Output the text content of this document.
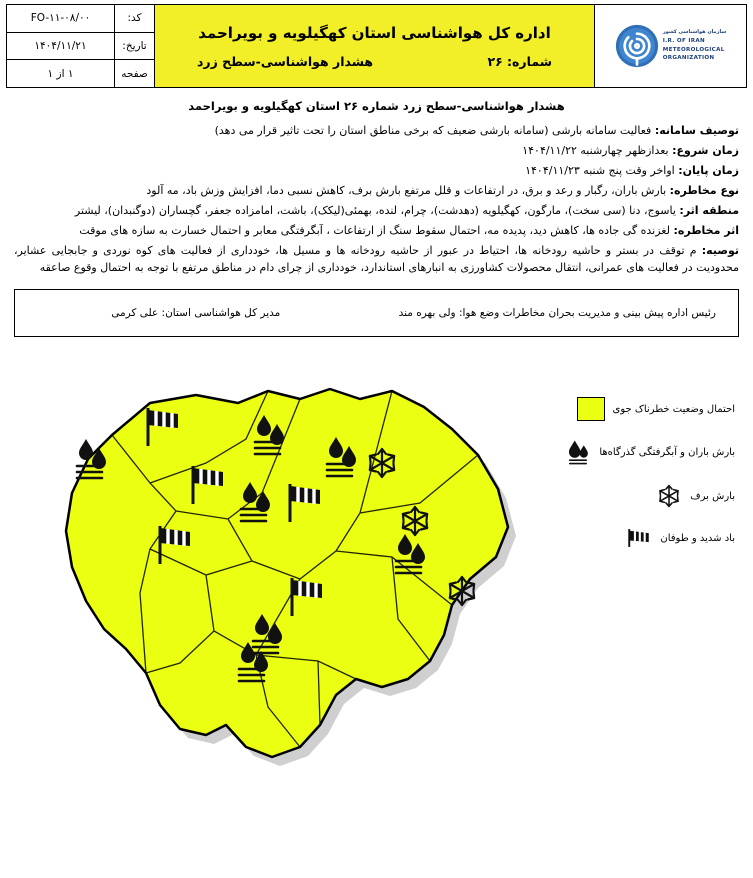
سازمان هواشناسی کشور
I.R. OF IRAN
METEOROLOGICAL
ORGANIZATION
اداره کل هواشناسی استان کهگیلویه و بویراحمد
شماره: ۲۶
هشدار هواشناسی-سطح زرد
کد:
FO-۱۱-۰۸/۰۰
تاریخ:
۱۴۰۴/۱۱/۲۱
صفحه
۱ از ۱
هشدار هواشناسی-سطح زرد شماره ۲۶ استان کهگیلویه و بویراحمد
توصیف سامانه: فعالیت سامانه بارشی (سامانه بارشی ضعیف که برخی مناطق استان را تحت تاثیر قرار می دهد)
زمان شروع: بعدازظهر چهارشنبه ۱۴۰۴/۱۱/۲۲
زمان پایان: اواخر وقت پنج شنبه ۱۴۰۴/۱۱/۲۳
نوع مخاطره: بارش باران، رگبار و رعد و برق، در ارتفاعات و قلل مرتفع بارش برف، کاهش نسبی دما، افزایش وزش باد، مه آلود
منطقه اثر: یاسوج، دنا (سی سخت)، مارگون، کهگیلویه (دهدشت)، چرام، لنده، بهمئی(لیکک)، باشت، امامزاده جعفر، گچساران (دوگنبدان)، لیشتر
اثر مخاطره: لغزنده گی جاده ها، کاهش دید، پدیده مه، احتمال سقوط سنگ از ارتفاعات ، آبگرفتگی معابر و احتمال خسارت به سازه های موقت
توصیه: م توقف در بستر و حاشیه رودخانه ها، احتیاط در عبور از حاشیه رودخانه ها و مسیل ها، خودداری از فعالیت های کوه نوردی و جابجایی عشایر، محدودیت در فعالیت های عمرانی، انتقال محصولات کشاورزی به انبارهای استاندارد، خودداری از چرای دام در مناطق مرتفع با توجه به احتمال وقوع صاعقه
رئیس اداره پیش بینی و مدیریت بحران مخاطرات وضع هوا: ولی بهره مند
مدیر کل هواشناسی استان: علی کرمی
احتمال وضعیت خطرناک جوی
بارش باران و آبگرفتگی گذرگاه‌ها
بارش برف
باد شدید و طوفان
